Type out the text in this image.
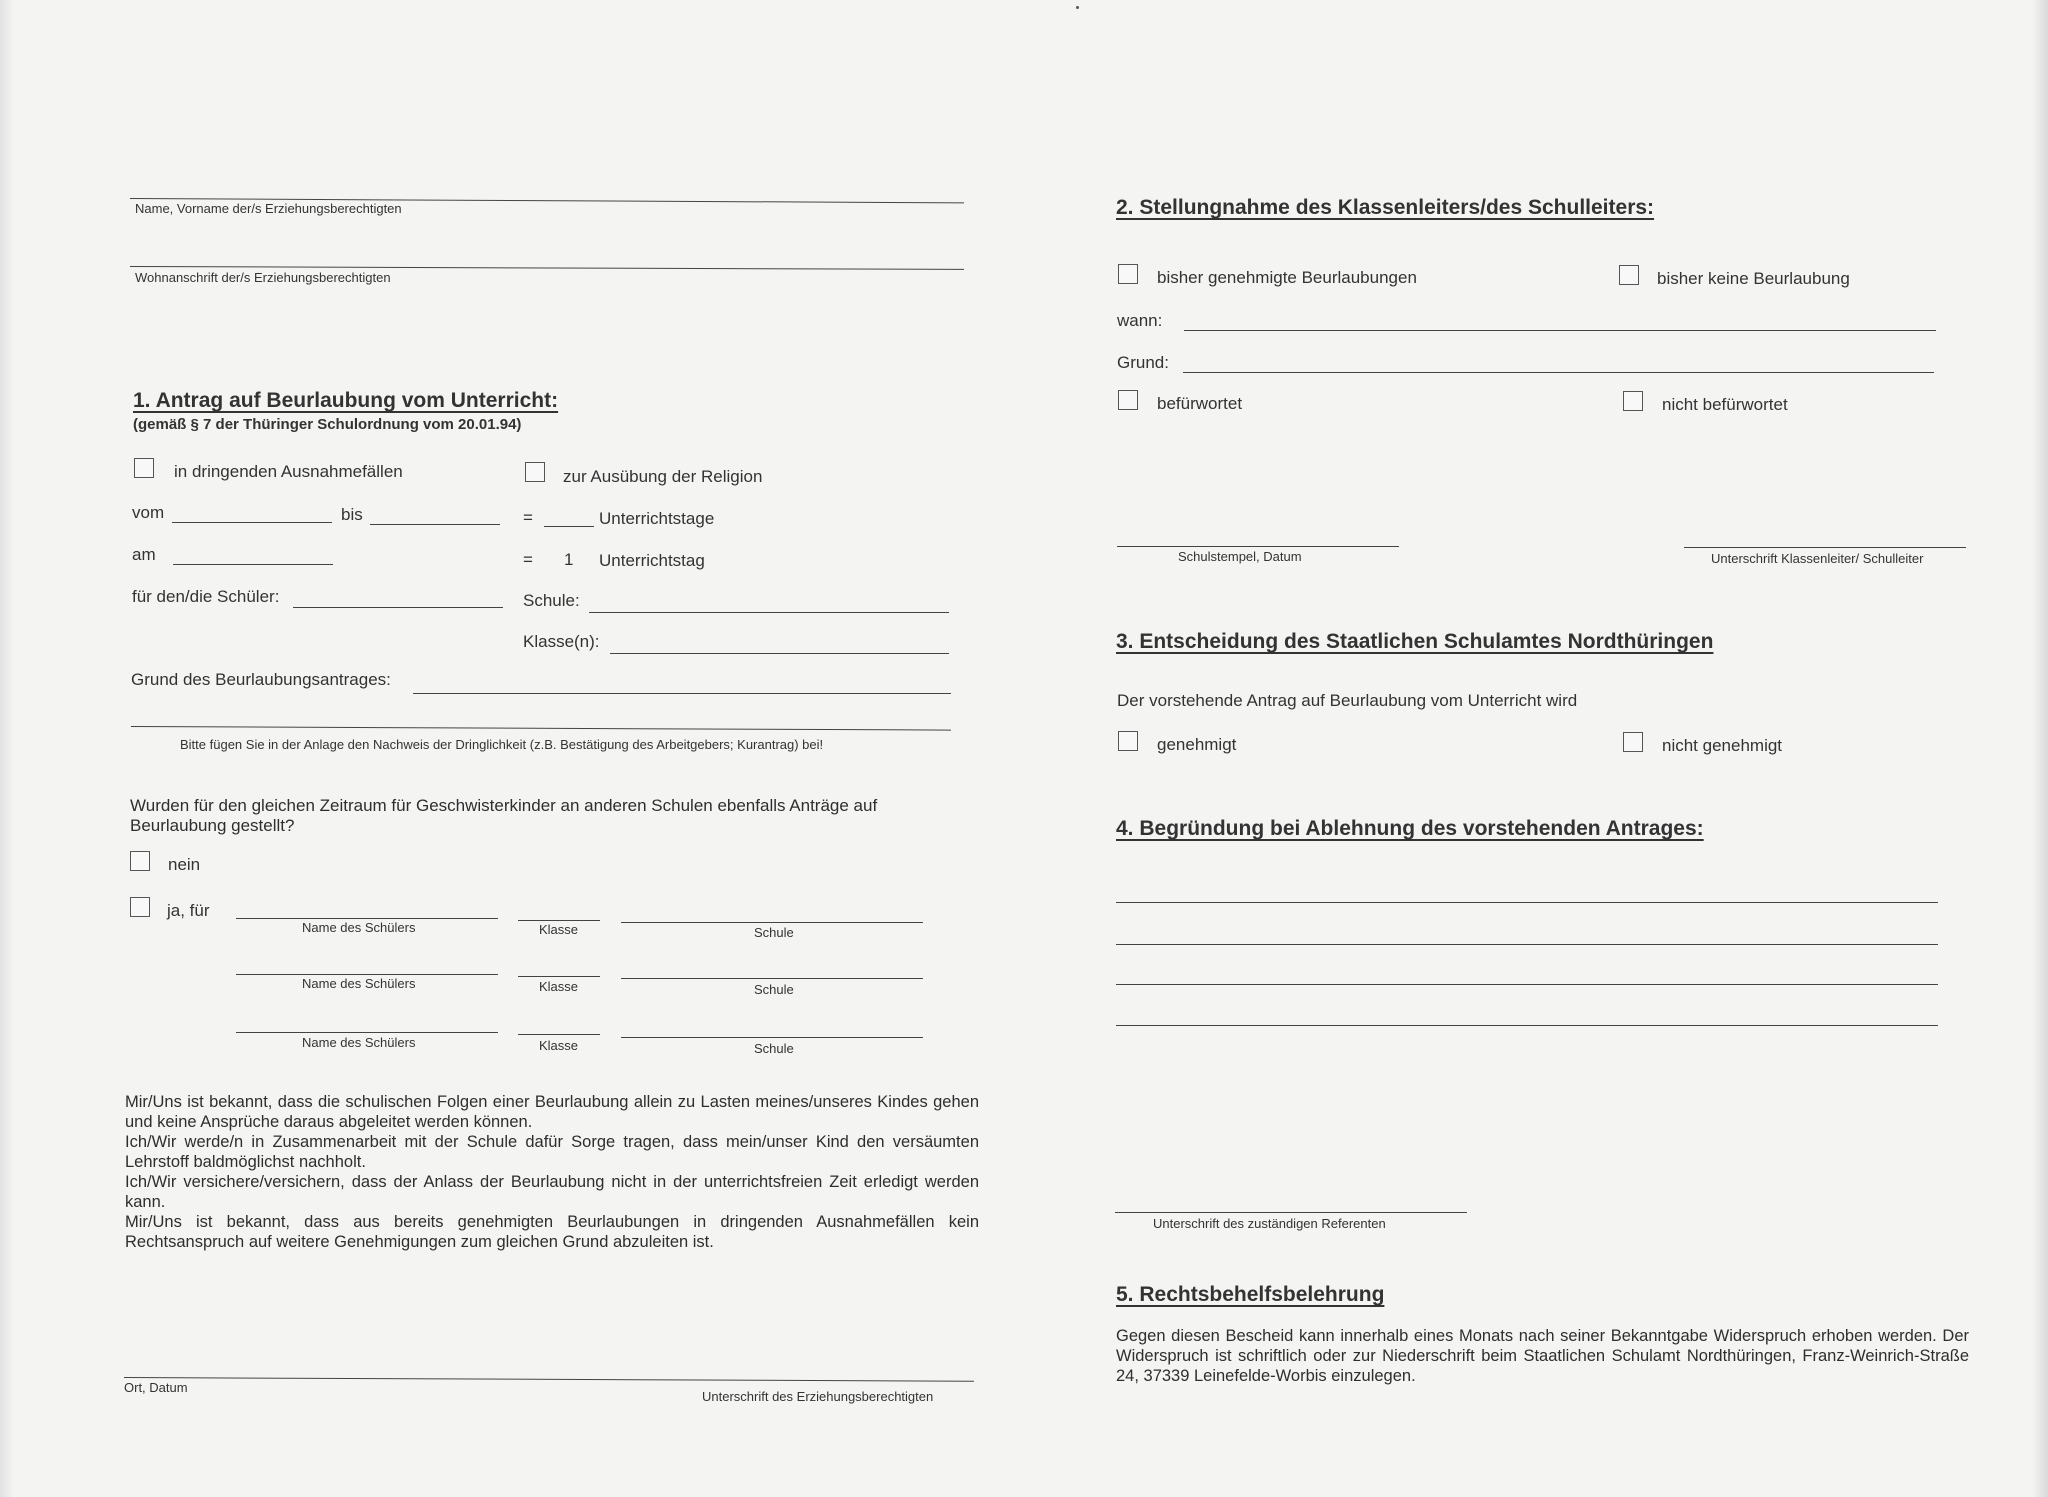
Name, Vorname der/s Erziehungsberechtigten
Wohnanschrift der/s Erziehungsberechtigten
1. Antrag auf Beurlaubung vom Unterricht:
(gemäß § 7 der Thüringer Schulordnung vom 20.01.94)
in dringenden Ausnahmefällen	zur Ausübung der Religion
vom	bis	=	Unterrichtstage
am	= 1 Unterrichtstag
für den/die Schüler:	Schule:
Klasse(n):
Grund des Beurlaubungsantrages:
Bitte fügen Sie in der Anlage den Nachweis der Dringlichkeit (z.B. Bestätigung des Arbeitgebers; Kurantrag) bei!
Wurden für den gleichen Zeitraum für Geschwisterkinder an anderen Schulen ebenfalls Anträge auf Beurlaubung gestellt?
nein
ja, für
Name des Schülers	Klasse	Schule
Name des Schülers	Klasse	Schule
Name des Schülers	Klasse	Schule
Mir/Uns ist bekannt, dass die schulischen Folgen einer Beurlaubung allein zu Lasten meines/unseres Kindes gehen und keine Ansprüche daraus abgeleitet werden können.
Ich/Wir werde/n in Zusammenarbeit mit der Schule dafür Sorge tragen, dass mein/unser Kind den versäumten Lehrstoff baldmöglichst nachholt.
Ich/Wir versichere/versichern, dass der Anlass der Beurlaubung nicht in der unterrichtsfreien Zeit erledigt werden kann.
Mir/Uns ist bekannt, dass aus bereits genehmigten Beurlaubungen in dringenden Ausnahmefällen kein Rechtsanspruch auf weitere Genehmigungen zum gleichen Grund abzuleiten ist.
Ort, Datum
Unterschrift des Erziehungsberechtigten
2. Stellungnahme des Klassenleiters/des Schulleiters:
bisher genehmigte Beurlaubungen	bisher keine Beurlaubung
wann:
Grund:
befürwortet	nicht befürwortet
Schulstempel, Datum	Unterschrift Klassenleiter/ Schulleiter
3. Entscheidung des Staatlichen Schulamtes Nordthüringen
Der vorstehende Antrag auf Beurlaubung vom Unterricht wird
genehmigt	nicht genehmigt
4. Begründung bei Ablehnung des vorstehenden Antrages:
Unterschrift des zuständigen Referenten
5. Rechtsbehelfsbelehrung
Gegen diesen Bescheid kann innerhalb eines Monats nach seiner Bekanntgabe Widerspruch erhoben werden. Der Widerspruch ist schriftlich oder zur Niederschrift beim Staatlichen Schulamt Nordthüringen, Franz-Weinrich-Straße 24, 37339 Leinefelde-Worbis einzulegen.
